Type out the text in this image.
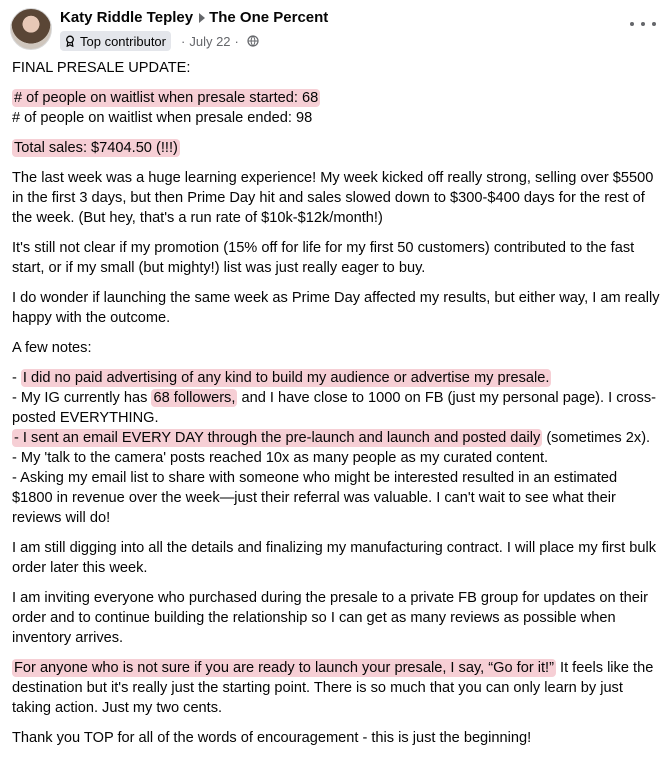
Katy Riddle Tepley The One Percent
Top contributor · July 22 ·

FINAL PRESALE UPDATE:

# of people on waitlist when presale started: 68

# of people on waitlist when presale ended: 98

Total sales: $7404.50 (!!!)

The last week was a huge learning experience! My week kicked off really strong, selling over $5500 in the first 3 days, but then Prime Day hit and sales slowed down to $300-$400 days for the rest of the week. (But hey, that's a run rate of $10k-$12k/month!)

It's still not clear if my promotion (15% off for life for my first 50 customers) contributed to the fast start, or if my small (but mighty!) list was just really eager to buy.

I do wonder if launching the same week as Prime Day affected my results, but either way, I am really happy with the outcome.

A few notes:

- I did no paid advertising of any kind to build my audience or advertise my presale.
- My IG currently has 68 followers, and I have close to 1000 on FB (just my personal page). I cross-posted EVERYTHING.
- I sent an email EVERY DAY through the pre-launch and launch and posted daily (sometimes 2x).
- My 'talk to the camera' posts reached 10x as many people as my curated content.
- Asking my email list to share with someone who might be interested resulted in an estimated $1800 in revenue over the week—just their referral was valuable. I can't wait to see what their reviews will do!

I am still digging into all the details and finalizing my manufacturing contract. I will place my first bulk order later this week.

I am inviting everyone who purchased during the presale to a private FB group for updates on their order and to continue building the relationship so I can get as many reviews as possible when inventory arrives.

For anyone who is not sure if you are ready to launch your presale, I say, “Go for it!” It feels like the destination but it's really just the starting point. There is so much that you can only learn by just taking action. Just my two cents.

Thank you TOP for all of the words of encouragement - this is just the beginning!
